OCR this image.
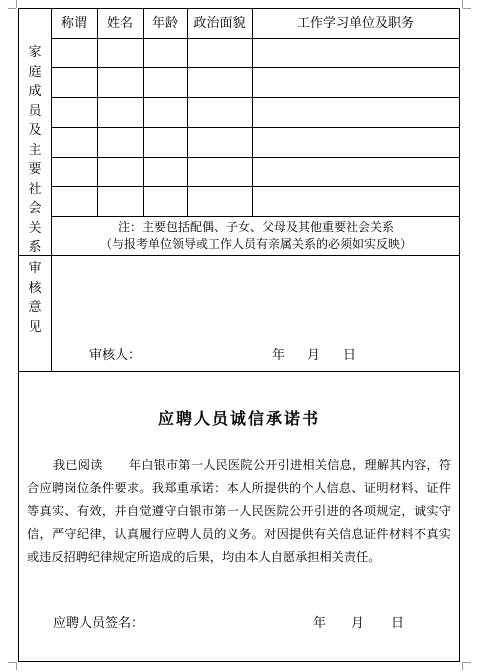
家庭成员及主要社会关系
称谓	姓名	年龄	政治面貌	工作学习单位及职务
注：主要包括配偶、子女、父母及其他重要社会关系
（与报考单位领导或工作人员有亲属关系的必须如实反映）
审核意见
审核人：	年 月 日
应聘人员诚信承诺书

我已阅读 年白银市第一人民医院公开引进相关信息，理解其内容，符合应聘岗位条件要求。我郑重承诺：本人所提供的个人信息、证明材料、证件等真实、有效，并自觉遵守白银市第一人民医院公开引进的各项规定，诚实守信，严守纪律，认真履行应聘人员的义务。对因提供有关信息证件材料不真实或违反招聘纪律规定所造成的后果，均由本人自愿承担相关责任。

应聘人员签名：	年 月 日
